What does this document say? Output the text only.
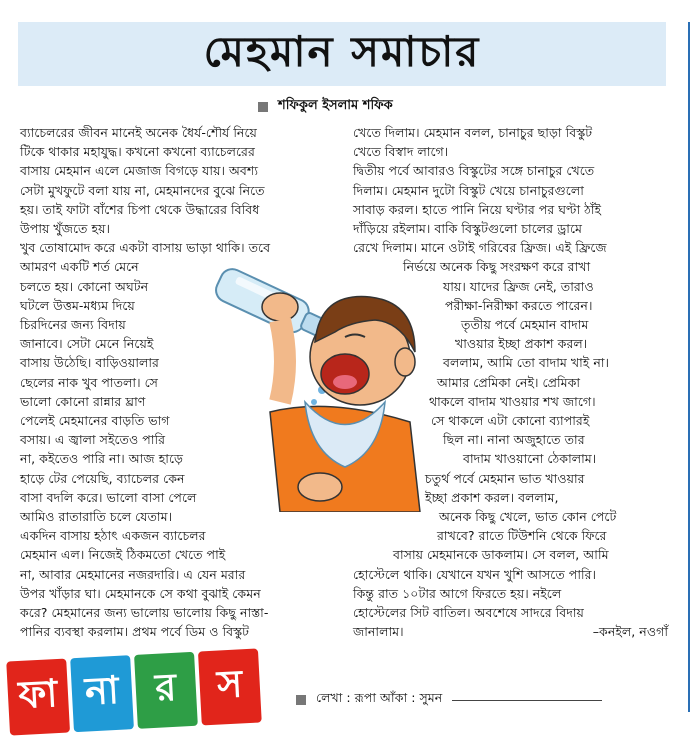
মেহমান সমাচার
শফিকুল ইসলাম শফিক
ব্যাচেলরের জীবন মানেই অনেক ধৈর্য-শৌর্য নিয়ে
টিকে থাকার মহাযুদ্ধ। কখনো কখনো ব্যাচেলরের
বাসায় মেহমান এলে মেজাজ বিগড়ে যায়। অবশ্য
সেটা মুখফুটে বলা যায় না, মেহমানদের বুঝে নিতে
হয়। তাই ফাটা বাঁশের চিপা থেকে উদ্ধারের বিবিধ
উপায় খুঁজতে হয়।
খুব তোষামোদ করে একটা বাসায় ভাড়া থাকি। তবে
আমরণ একটি শর্ত মেনে
চলতে হয়। কোনো অঘটন
ঘটলে উত্তম-মধ্যম দিয়ে
চিরদিনের জন্য বিদায়
জানাবে। সেটা মেনে নিয়েই
বাসায় উঠেছি। বাড়িওয়ালার
ছেলের নাক খুব পাতলা। সে
ভালো কোনো রান্নার ঘ্রাণ
পেলেই মেহমানের বাড়তি ভাগ
বসায়। এ জ্বালা সইতেও পারি
না, কইতেও পারি না। আজ হাড়ে
হাড়ে টের পেয়েছি, ব্যাচেলর কেন
বাসা বদলি করে। ভালো বাসা পেলে
আমিও রাতারাতি চলে যেতাম।
একদিন বাসায় হঠাৎ একজন ব্যাচেলর
মেহমান এল। নিজেই ঠিকমতো খেতে পাই
না, আবার মেহমানের নজরদারি। এ যেন মরার
উপর খাঁড়ার ঘা। মেহমানকে সে কথা বুঝাই কেমন
করে? মেহমানের জন্য ভালোয় ভালোয় কিছু নাস্তা-
পানির ব্যবস্থা করলাম। প্রথম পর্বে ডিম ও বিস্কুট
খেতে দিলাম। মেহমান বলল, চানাচুর ছাড়া বিস্কুট
খেতে বিস্বাদ লাগে।
দ্বিতীয় পর্বে আবারও বিস্কুটের সঙ্গে চানাচুর খেতে
দিলাম। মেহমান দুটো বিস্কুট খেয়ে চানাচুরগুলো
সাবাড় করল। হাতে পানি নিয়ে ঘণ্টার পর ঘণ্টা ঠাঁই
দাঁড়িয়ে রইলাম। বাকি বিস্কুটগুলো চালের ড্রামে
রেখে দিলাম। মানে ওটাই গরিবের ফ্রিজ। এই ফ্রিজে
নির্ভয়ে অনেক কিছু সংরক্ষণ করে রাখা
যায়। যাদের ফ্রিজ নেই, তারাও
পরীক্ষা-নিরীক্ষা করতে পারেন।
তৃতীয় পর্বে মেহমান বাদাম
খাওয়ার ইচ্ছা প্রকাশ করল।
বললাম, আমি তো বাদাম খাই না।
আমার প্রেমিকা নেই। প্রেমিকা
থাকলে বাদাম খাওয়ার শখ জাগে।
সে থাকলে এটা কোনো ব্যাপারই
ছিল না। নানা অজুহাতে তার
বাদাম খাওয়ানো ঠেকালাম।
চতুর্থ পর্বে মেহমান ভাত খাওয়ার
ইচ্ছা প্রকাশ করল। বললাম,
অনেক কিছু খেলে, ভাত কোন পেটে
রাখবে? রাতে টিউশনি থেকে ফিরে
বাসায় মেহমানকে ডাকলাম। সে বলল, আমি
হোস্টেলে থাকি। যেখানে যখন খুশি আসতে পারি।
কিন্তু রাত ১০টার আগে ফিরতে হয়। নইলে
হোস্টেলের সিট বাতিল। অবশেষে সাদরে বিদায়
জানালাম।	–কনইল, নওগাঁ
ফা না র স	লেখা : রূপা আঁকা : সুমন
